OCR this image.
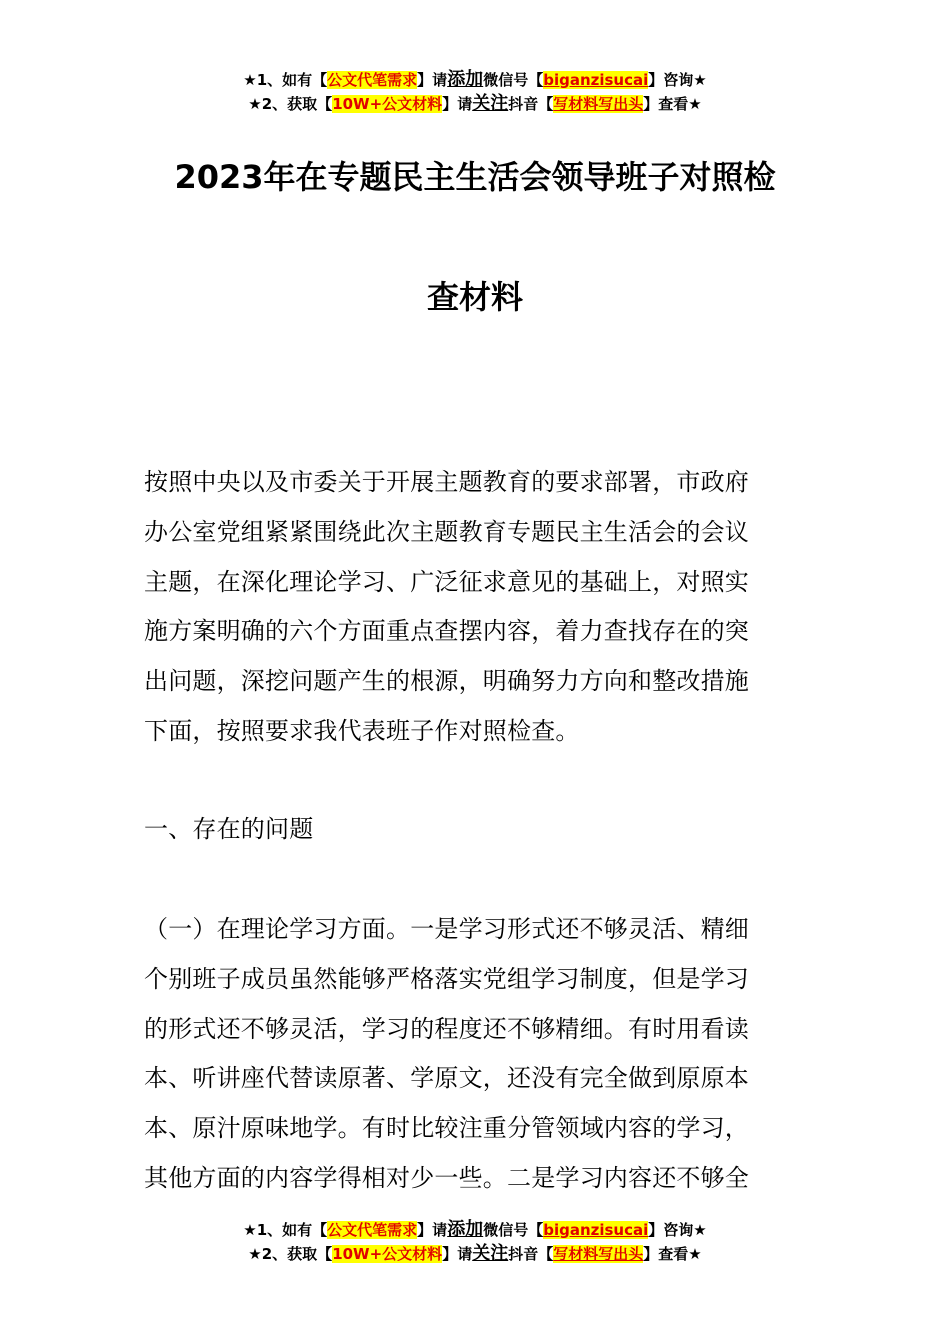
★1、如有【公文代笔需求】请添加微信号【biganzisucai】咨询★
★2、获取【10W+公文材料】请关注抖音【写材料写出头】查看★
2023年在专题民主生活会领导班子对照检
查材料
按照中央以及市委关于开展主题教育的要求部署，市政府
办公室党组紧紧围绕此次主题教育专题民主生活会的会议
主题，在深化理论学习、广泛征求意见的基础上，对照实
施方案明确的六个方面重点查摆内容，着力查找存在的突
出问题，深挖问题产生的根源，明确努力方向和整改措施
下面，按照要求我代表班子作对照检查。
一、存在的问题
（一）在理论学习方面。一是学习形式还不够灵活、精细
个别班子成员虽然能够严格落实党组学习制度，但是学习
的形式还不够灵活，学习的程度还不够精细。有时用看读
本、听讲座代替读原著、学原文，还没有完全做到原原本
本、原汁原味地学。有时比较注重分管领域内容的学习，
其他方面的内容学得相对少一些。二是学习内容还不够全
★1、如有【公文代笔需求】请添加微信号【biganzisucai】咨询★
★2、获取【10W+公文材料】请关注抖音【写材料写出头】查看★
